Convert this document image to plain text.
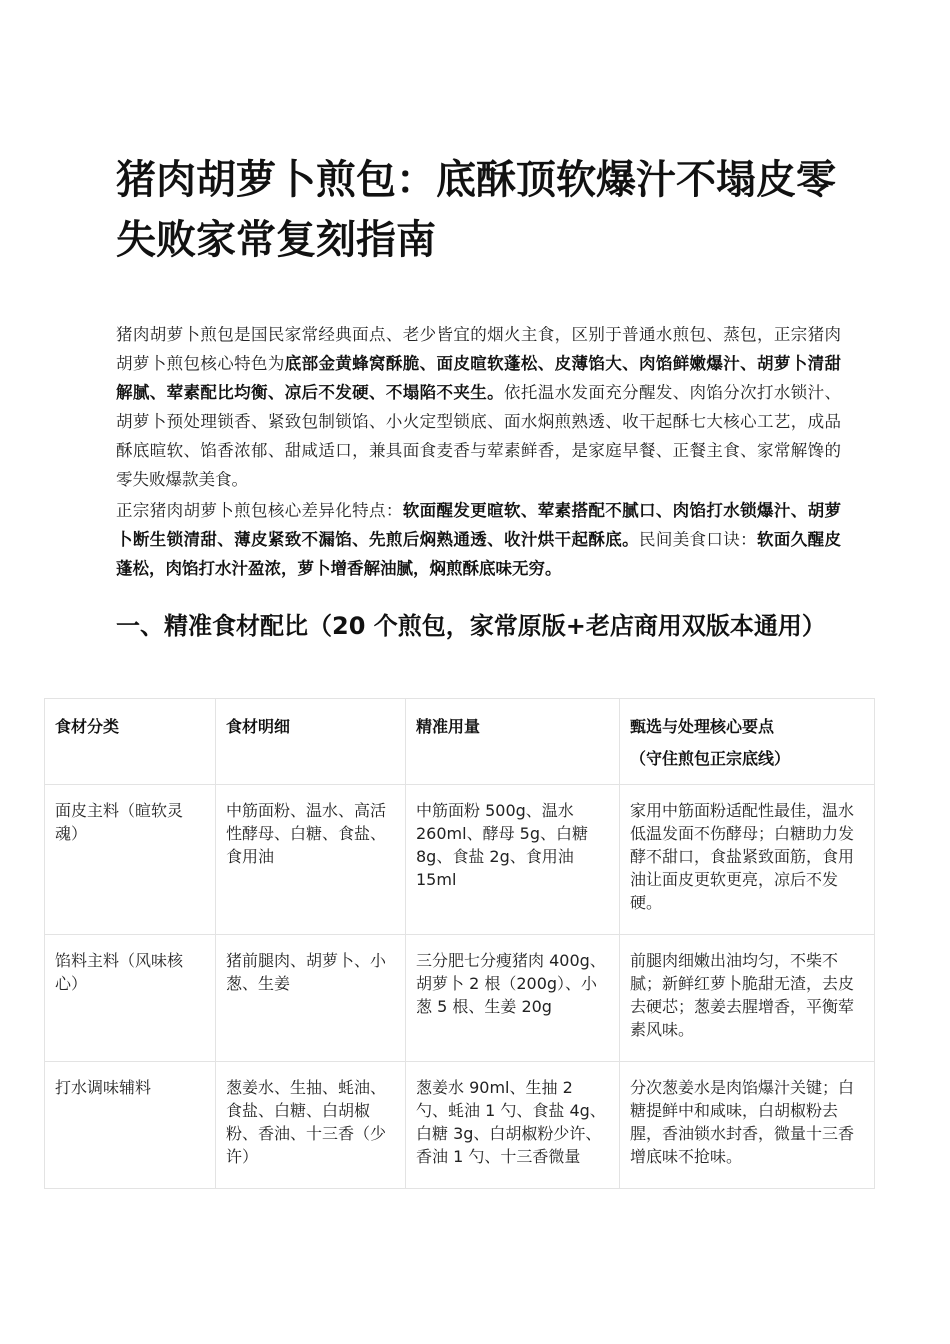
猪肉胡萝卜煎包：底酥顶软爆汁不塌皮零失败家常复刻指南

猪肉胡萝卜煎包是国民家常经典面点、老少皆宜的烟火主食，区别于普通水煎包、蒸包，正宗猪肉胡萝卜煎包核心特色为底部金黄蜂窝酥脆、面皮暄软蓬松、皮薄馅大、肉馅鲜嫩爆汁、胡萝卜清甜解腻、荤素配比均衡、凉后不发硬、不塌陷不夹生。依托温水发面充分醒发、肉馅分次打水锁汁、胡萝卜预处理锁香、紧致包制锁馅、小火定型锁底、面水焖煎熟透、收干起酥七大核心工艺，成品酥底暄软、馅香浓郁、甜咸适口，兼具面食麦香与荤素鲜香，是家庭早餐、正餐主食、家常解馋的零失败爆款美食。

正宗猪肉胡萝卜煎包核心差异化特点：软面醒发更暄软、荤素搭配不腻口、肉馅打水锁爆汁、胡萝卜断生锁清甜、薄皮紧致不漏馅、先煎后焖熟通透、收汁烘干起酥底。民间美食口诀：软面久醒皮蓬松，肉馅打水汁盈浓，萝卜增香解油腻，焖煎酥底味无穷。

一、精准食材配比（20 个煎包，家常原版+老店商用双版本通用）
食材分类	食材明细	精准用量	甄选与处理核心要点
（守住煎包正宗底线）

面皮主料（暄软灵魂）	中筋面粉、温水、高活性酵母、白糖、食盐、食用油	中筋面粉 500g、温水 260ml、酵母 5g、白糖 8g、食盐 2g、食用油 15ml	家用中筋面粉适配性最佳，温水低温发面不伤酵母；白糖助力发酵不甜口，食盐紧致面筋，食用油让面皮更软更亮，凉后不发硬。
馅料主料（风味核心）	猪前腿肉、胡萝卜、小葱、生姜	三分肥七分瘦猪肉 400g、胡萝卜 2 根（200g）、小葱 5 根、生姜 20g	前腿肉细嫩出油均匀，不柴不腻；新鲜红萝卜脆甜无渣，去皮去硬芯；葱姜去腥增香，平衡荤素风味。
打水调味辅料	葱姜水、生抽、蚝油、食盐、白糖、白胡椒粉、香油、十三香（少许）	葱姜水 90ml、生抽 2 勺、蚝油 1 勺、食盐 4g、白糖 3g、白胡椒粉少许、香油 1 勺、十三香微量	分次葱姜水是肉馅爆汁关键；白糖提鲜中和咸味，白胡椒粉去腥，香油锁水封香，微量十三香增底味不抢味。
